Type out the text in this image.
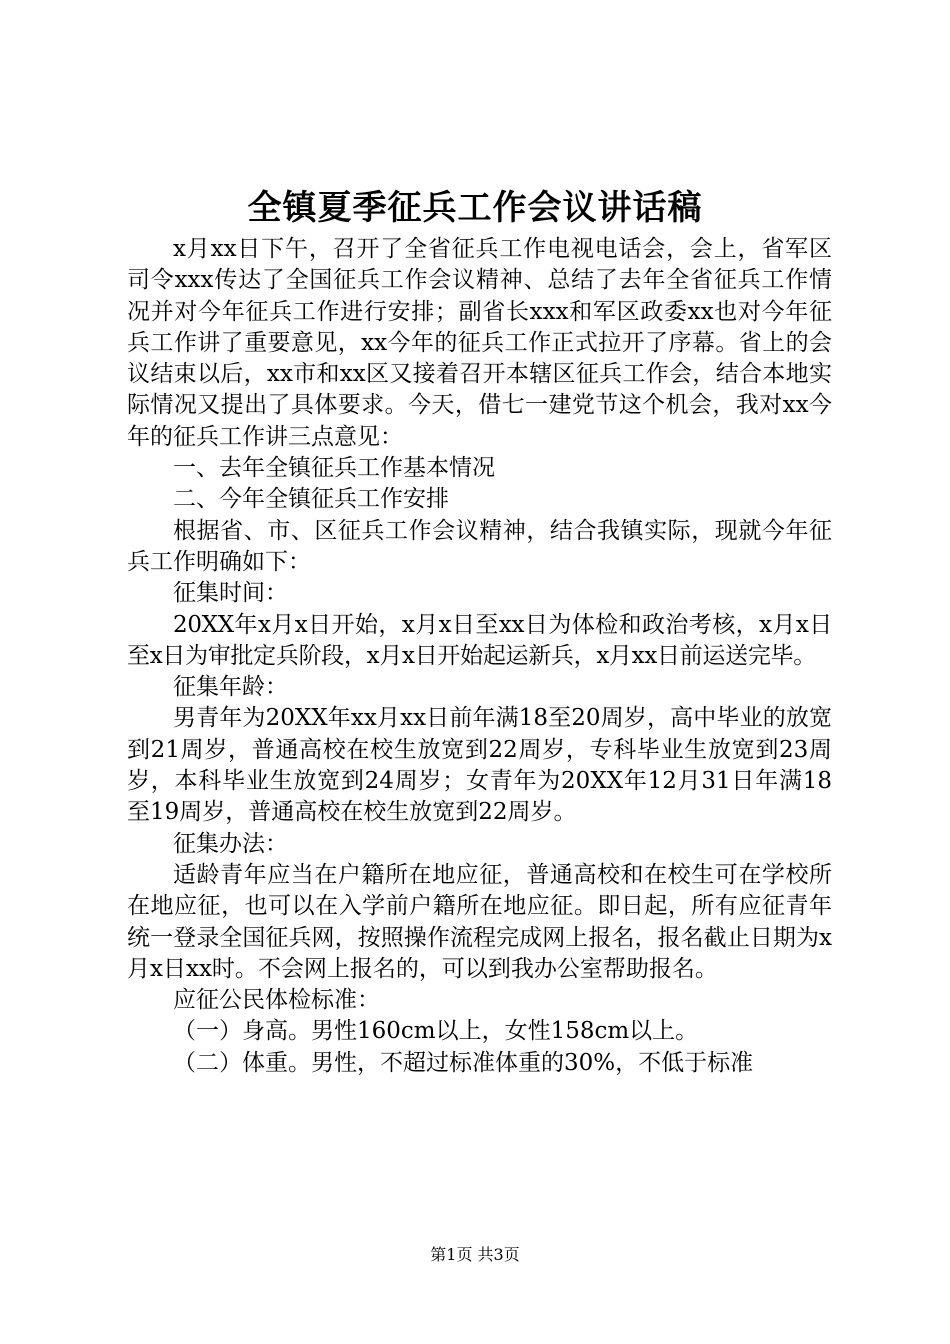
全镇夏季征兵工作会议讲话稿

x月xx日下午，召开了全省征兵工作电视电话会，会上，省军区司令xxx传达了全国征兵工作会议精神、总结了去年全省征兵工作情况并对今年征兵工作进行安排；副省长xxx和军区政委xx也对今年征兵工作讲了重要意见，xx今年的征兵工作正式拉开了序幕。省上的会议结束以后，xx市和xx区又接着召开本辖区征兵工作会，结合本地实际情况又提出了具体要求。今天，借七一建党节这个机会，我对xx今年的征兵工作讲三点意见：

一、去年全镇征兵工作基本情况

二、今年全镇征兵工作安排

根据省、市、区征兵工作会议精神，结合我镇实际，现就今年征兵工作明确如下：

征集时间：

20XX年x月x日开始，x月x日至xx日为体检和政治考核，x月x日至x日为审批定兵阶段，x月x日开始起运新兵，x月xx日前运送完毕。

征集年龄：

男青年为20XX年xx月xx日前年满18至20周岁，高中毕业的放宽到21周岁，普通高校在校生放宽到22周岁，专科毕业生放宽到23周岁，本科毕业生放宽到24周岁；女青年为20XX年12月31日年满18至19周岁，普通高校在校生放宽到22周岁。

征集办法：

适龄青年应当在户籍所在地应征，普通高校和在校生可在学校所在地应征，也可以在入学前户籍所在地应征。即日起，所有应征青年统一登录全国征兵网，按照操作流程完成网上报名，报名截止日期为x月x日xx时。不会网上报名的，可以到我办公室帮助报名。

应征公民体检标准：

（一）身高。男性160cm以上，女性158cm以上。

（二）体重。男性，不超过标准体重的30%，不低于标准

第1页 共3页
